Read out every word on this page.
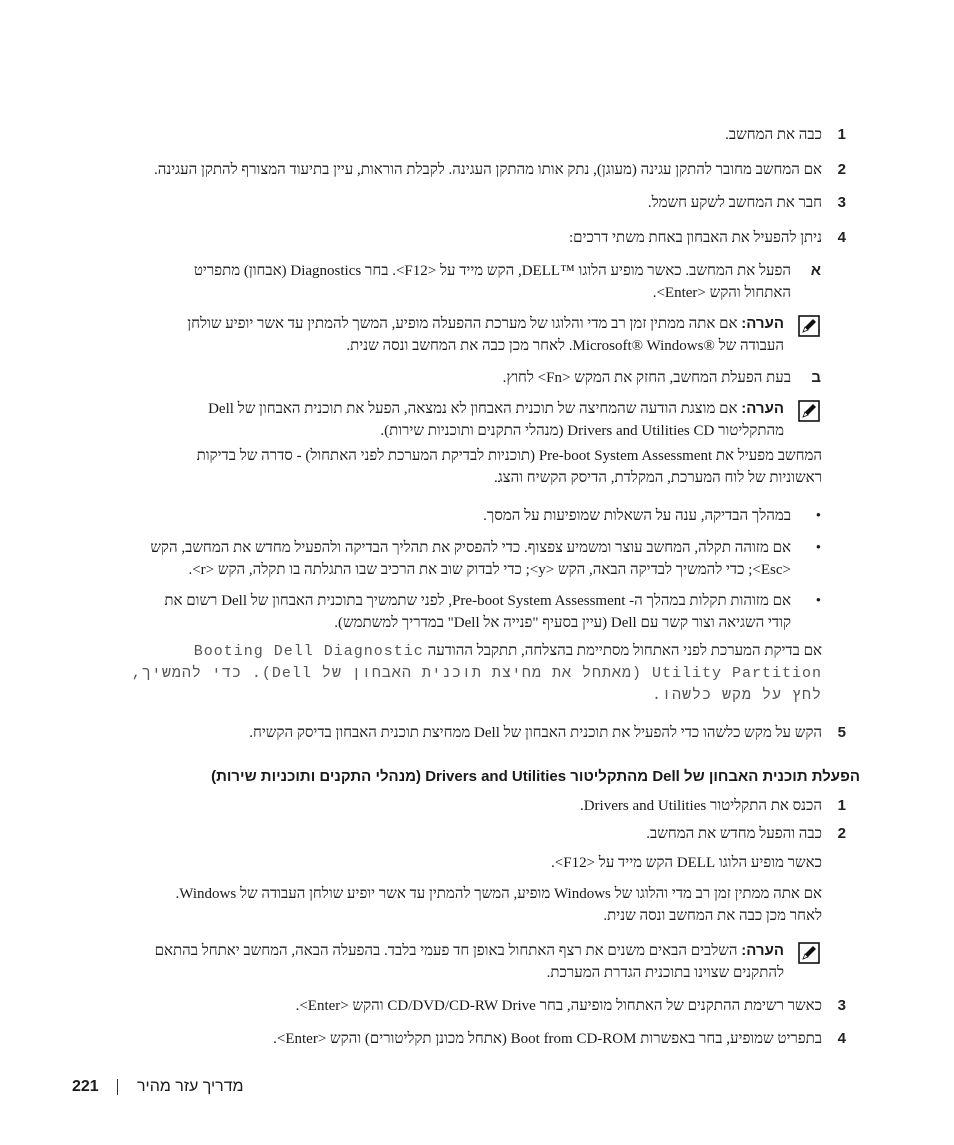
1
כבה את המחשב.
2
אם המחשב מחובר להתקן עגינה (מעוגן), נתק אותו מהתקן העגינה. לקבלת הוראות, עיין בתיעוד המצורף להתקן העגינה.
3
חבר את המחשב לשקע חשמל.
4
ניתן להפעיל את האבחון באחת משתי דרכים:
א
הפעל את המחשב. כאשר מופיע הלוגו ™DELL, הקש מייד על <F12>. בחר Diagnostics (אבחון) מתפריט
האתחול והקש <Enter>.
הערה: אם אתה ממתין זמן רב מדי והלוגו של מערכת ההפעלה מופיע, המשך להמתין עד אשר יופיע שולחן
העבודה של ®Microsoft® Windows. לאחר מכן כבה את המחשב ונסה שנית.
ב
בעת הפעלת המחשב, החזק את המקש <Fn> לחוץ.
הערה: אם מוצגת הודעה שהמחיצה של תוכנית האבחון לא נמצאה, הפעל את תוכנית האבחון של Dell
מהתקליטור Drivers and Utilities CD (מנהלי התקנים ותוכניות שירות).
המחשב מפעיל את Pre-boot System Assessment (תוכניות לבדיקת המערכת לפני האתחול) - סדרה של בדיקות
ראשוניות של לוח המערכת, המקלדת, הדיסק הקשיח והצג.
•
במהלך הבדיקה, ענה על השאלות שמופיעות על המסך.
•
אם מזוהה תקלה, המחשב עוצר ומשמיע צפצוף. כדי להפסיק את תהליך הבדיקה ולהפעיל מחדש את המחשב, הקש
<Esc>; כדי להמשיך לבדיקה הבאה, הקש <y>; כדי לבדוק שוב את הרכיב שבו התגלתה בו תקלה, הקש <r>.
•
אם מזוהות תקלות במהלך ה- Pre-boot System Assessment, לפני שתמשיך בתוכנית האבחון של Dell רשום את
קודי השגיאה וצור קשר עם Dell (עיין בסעיף "פנייה אל Dell" במדריך למשתמש).
אם בדיקת המערכת לפני האתחול מסתיימת בהצלחה, תתקבל ההודעה Booting Dell Diagnostic
Utility Partition (מאתחל את מחיצת תוכנית האבחון של Dell). כדי להמשיך,
לחץ על מקש כלשהו.
5
הקש על מקש כלשהו כדי להפעיל את תוכנית האבחון של Dell ממחיצת תוכנית האבחון בדיסק הקשיח.
הפעלת תוכנית האבחון של Dell מהתקליטור Drivers and Utilities (מנהלי התקנים ותוכניות שירות)
1
הכנס את התקליטור Drivers and Utilities.
2
כבה והפעל מחדש את המחשב.
כאשר מופיע הלוגו DELL הקש מייד על <F12>.
אם אתה ממתין זמן רב מדי והלוגו של Windows מופיע, המשך להמתין עד אשר יופיע שולחן העבודה של Windows.
לאחר מכן כבה את המחשב ונסה שנית.
הערה: השלבים הבאים משנים את רצף האתחול באופן חד פעמי בלבד. בהפעלה הבאה, המחשב יאתחל בהתאם
להתקנים שצוינו בתוכנית הגדרת המערכת.
3
כאשר רשימת ההתקנים של האתחול מופיעה, בחר CD/DVD/CD-RW Drive והקש <Enter>.
4
בתפריט שמופיע, בחר באפשרות Boot from CD-ROM (אתחל מכונן תקליטורים) והקש <Enter>.
221 מדריך עזר מהיר
